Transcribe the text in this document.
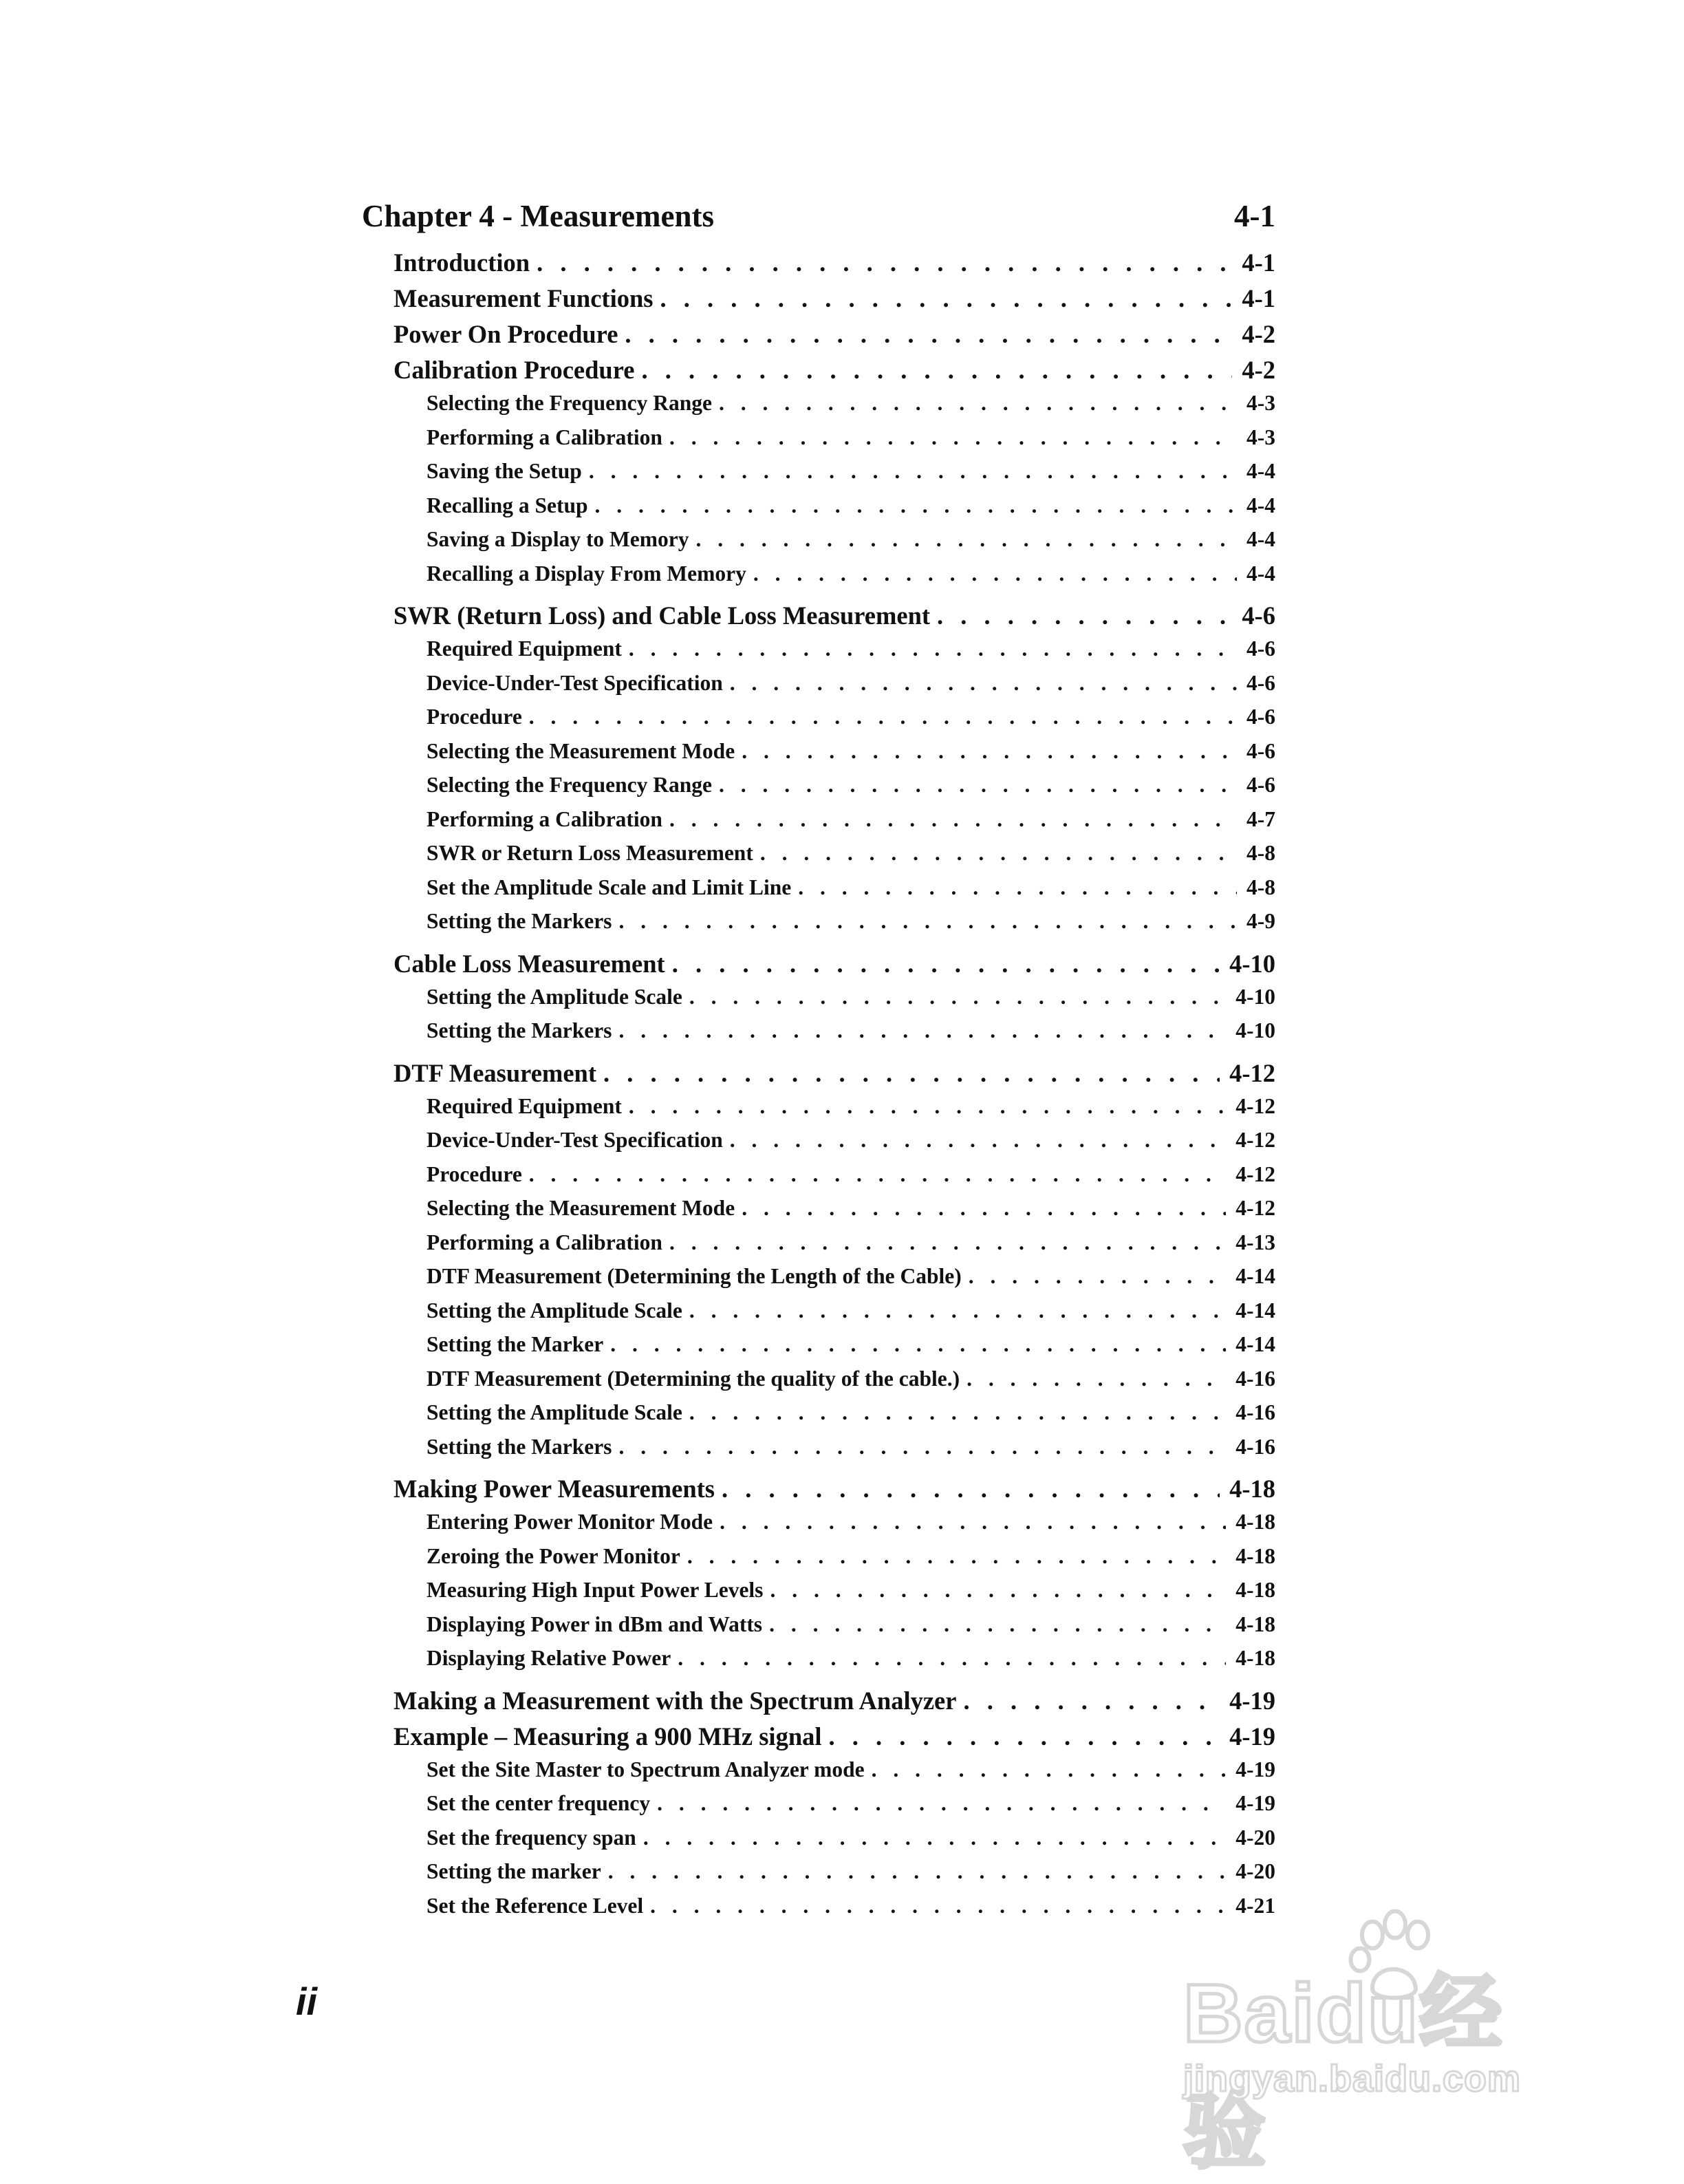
Chapter 4 - Measurements	4-1
Introduction . . .	4-1
Measurement Functions . . .	4-1
Power On Procedure . . .	4-2
Calibration Procedure . . .	4-2
Selecting the Frequency Range . . .	4-3
Performing a Calibration . . .	4-3
Saving the Setup . . .	4-4
Recalling a Setup . . .	4-4
Saving a Display to Memory . . .	4-4
Recalling a Display From Memory . . .	4-4
SWR (Return Loss) and Cable Loss Measurement . . .	4-6
Required Equipment . . .	4-6
Device-Under-Test Specification . . .	4-6
Procedure . . .	4-6
Selecting the Measurement Mode . . .	4-6
Selecting the Frequency Range . . .	4-6
Performing a Calibration . . .	4-7
SWR or Return Loss Measurement . . .	4-8
Set the Amplitude Scale and Limit Line . . .	4-8
Setting the Markers . . .	4-9
Cable Loss Measurement . . .	4-10
Setting the Amplitude Scale . . .	4-10
Setting the Markers . . .	4-10
DTF Measurement . . .	4-12
Required Equipment . . .	4-12
Device-Under-Test Specification . . .	4-12
Procedure . . .	4-12
Selecting the Measurement Mode . . .	4-12
Performing a Calibration . . .	4-13
DTF Measurement (Determining the Length of the Cable) . . .	4-14
Setting the Amplitude Scale . . .	4-14
Setting the Marker . . .	4-14
DTF Measurement (Determining the quality of the cable.) . . .	4-16
Setting the Amplitude Scale . . .	4-16
Setting the Markers . . .	4-16
Making Power Measurements . . .	4-18
Entering Power Monitor Mode . . .	4-18
Zeroing the Power Monitor . . .	4-18
Measuring High Input Power Levels . . .	4-18
Displaying Power in dBm and Watts . . .	4-18
Displaying Relative Power . . .	4-18
Making a Measurement with the Spectrum Analyzer . . .	4-19
Example – Measuring a 900 MHz signal . . .	4-19
Set the Site Master to Spectrum Analyzer mode . . .	4-19
Set the center frequency . . .	4-19
Set the frequency span . . .	4-20
Setting the marker . . .	4-20
Set the Reference Level . . .	4-21
ii	Baidu经验
jingyan.baidu.com
